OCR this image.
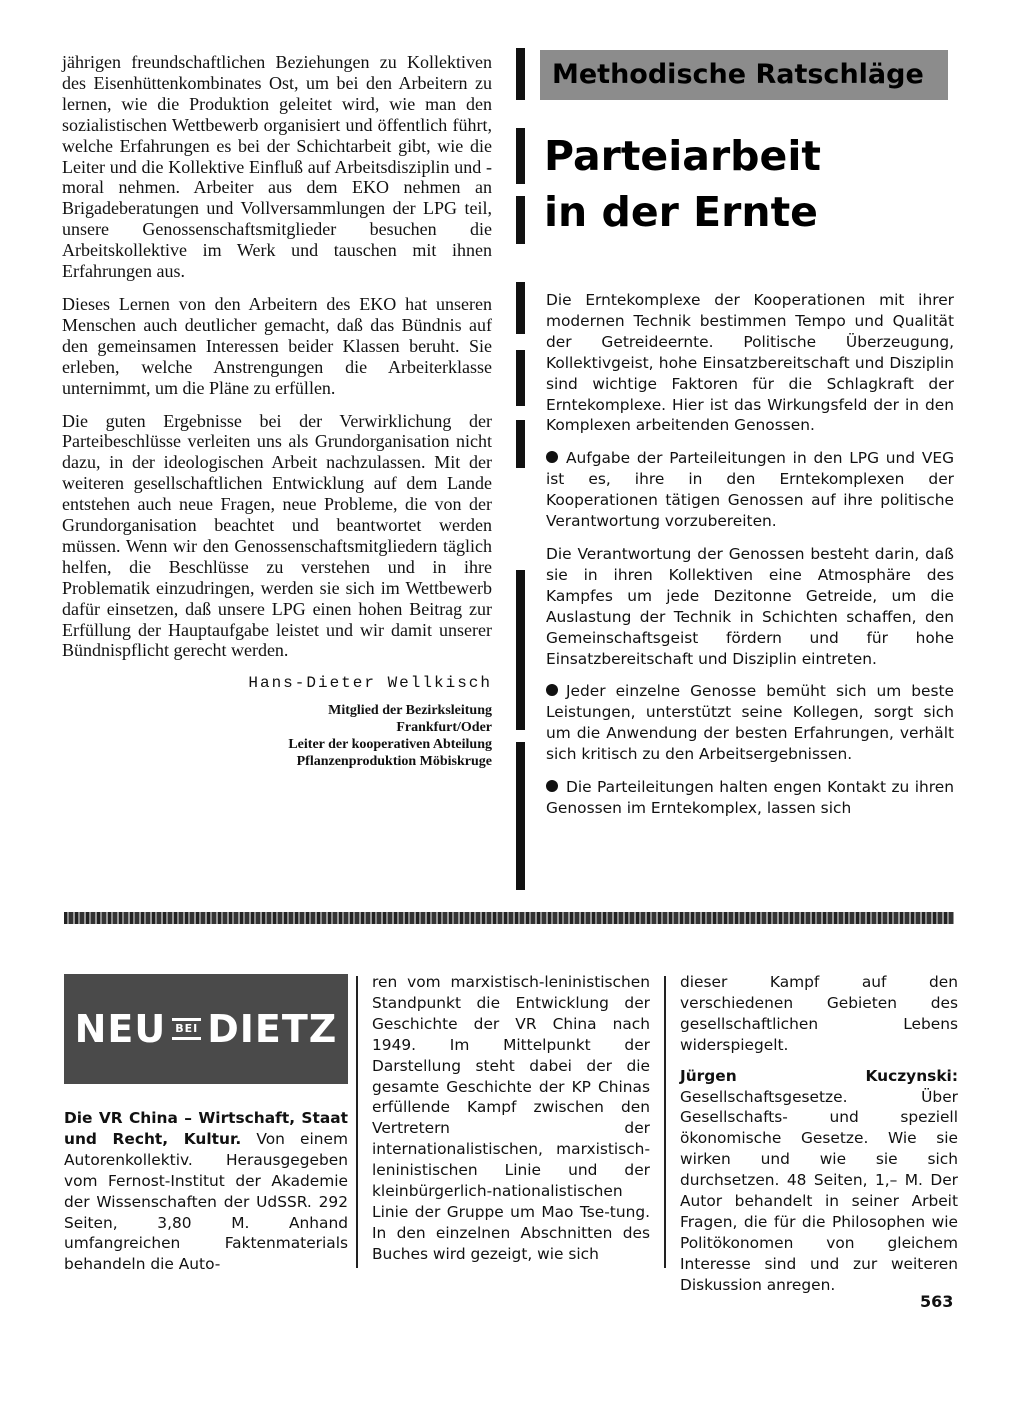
jährigen freundschaftlichen Beziehungen zu Kollektiven des Eisenhüttenkombinates Ost, um bei den Arbeitern zu lernen, wie die Produktion geleitet wird, wie man den sozialistischen Wettbewerb organisiert und öffentlich führt, welche Erfahrungen es bei der Schichtarbeit gibt, wie die Leiter und die Kollektive Einfluß auf Arbeitsdisziplin und -moral nehmen. Arbeiter aus dem EKO nehmen an Brigadeberatungen und Vollversammlungen der LPG teil, unsere Genossenschaftsmitglieder besuchen die Arbeitskollektive im Werk und tauschen mit ihnen Erfahrungen aus.

Dieses Lernen von den Arbeitern des EKO hat unseren Menschen auch deutlicher gemacht, daß das Bündnis auf den gemeinsamen Interessen beider Klassen beruht. Sie erleben, welche Anstrengungen die Arbeiterklasse unternimmt, um die Pläne zu erfüllen.

Die guten Ergebnisse bei der Verwirklichung der Parteibeschlüsse verleiten uns als Grundorganisation nicht dazu, in der ideologischen Arbeit nachzulassen. Mit der weiteren gesellschaftlichen Entwicklung auf dem Lande entstehen auch neue Fragen, neue Probleme, die von der Grundorganisation beachtet und beantwortet werden müssen. Wenn wir den Genossenschaftsmitgliedern täglich helfen, die Beschlüsse zu verstehen und in ihre Problematik einzudringen, werden sie sich im Wettbewerb dafür einsetzen, daß unsere LPG einen hohen Beitrag zur Erfüllung der Hauptaufgabe leistet und wir damit unserer Bündnispflicht gerecht werden.

Hans-Dieter Wellkisch
Mitglied der Bezirksleitung
Frankfurt/Oder
Leiter der kooperativen Abteilung
Pflanzenproduktion Möbiskruge
Methodische Ratschläge
Parteiarbeit
in der Ernte

Die Erntekomplexe der Kooperationen mit ihrer modernen Technik bestimmen Tempo und Qualität der Getreideernte. Politische Überzeugung, Kollektivgeist, hohe Einsatzbereitschaft und Disziplin sind wichtige Faktoren für die Schlagkraft der Erntekomplexe. Hier ist das Wirkungsfeld der in den Komplexen arbeitenden Genossen.

Aufgabe der Parteileitungen in den LPG und VEG ist es, ihre in den Erntekomplexen der Kooperationen tätigen Genossen auf ihre politische Verantwortung vorzubereiten.

Die Verantwortung der Genossen besteht darin, daß sie in ihren Kollektiven eine Atmosphäre des Kampfes um jede Dezitonne Getreide, um die Auslastung der Technik in Schichten schaffen, den Gemeinschaftsgeist fördern und für hohe Einsatzbereitschaft und Disziplin eintreten.

Jeder einzelne Genosse bemüht sich um beste Leistungen, unterstützt seine Kollegen, sorgt sich um die Anwendung der besten Erfahrungen, verhält sich kritisch zu den Arbeitsergebnissen.

Die Parteileitungen halten engen Kontakt zu ihren Genossen im Erntekomplex, lassen sich

NEU BEI DIETZ
Die VR China – Wirtschaft, Staat und Recht, Kultur. Von einem Autorenkollektiv. Herausgegeben vom Fernost-Institut der Akademie der Wissenschaften der UdSSR. 292 Seiten, 3,80 M. Anhand umfangreichen Faktenmaterials behandeln die Auto-
ren vom marxistisch-leninistischen Standpunkt die Entwicklung der Geschichte der VR China nach 1949. Im Mittelpunkt der Darstellung steht dabei der die gesamte Geschichte der KP Chinas erfüllende Kampf zwischen den Vertretern der internationalistischen, marxistisch-leninistischen Linie und der kleinbürgerlich-nationalistischen Linie der Gruppe um Mao Tse-tung. In den einzelnen Abschnitten des Buches wird gezeigt, wie sich

dieser Kampf auf den verschiedenen Gebieten des gesellschaftlichen Lebens widerspiegelt.

Jürgen Kuczynski: Gesellschaftsgesetze. Über Gesellschafts- und speziell ökonomische Gesetze. Wie sie wirken und wie sie sich durchsetzen. 48 Seiten, 1,– M. Der Autor behandelt in seiner Arbeit Fragen, die für die Philosophen wie Politökonomen von gleichem Interesse sind und zur weiteren Diskussion anregen.

563
